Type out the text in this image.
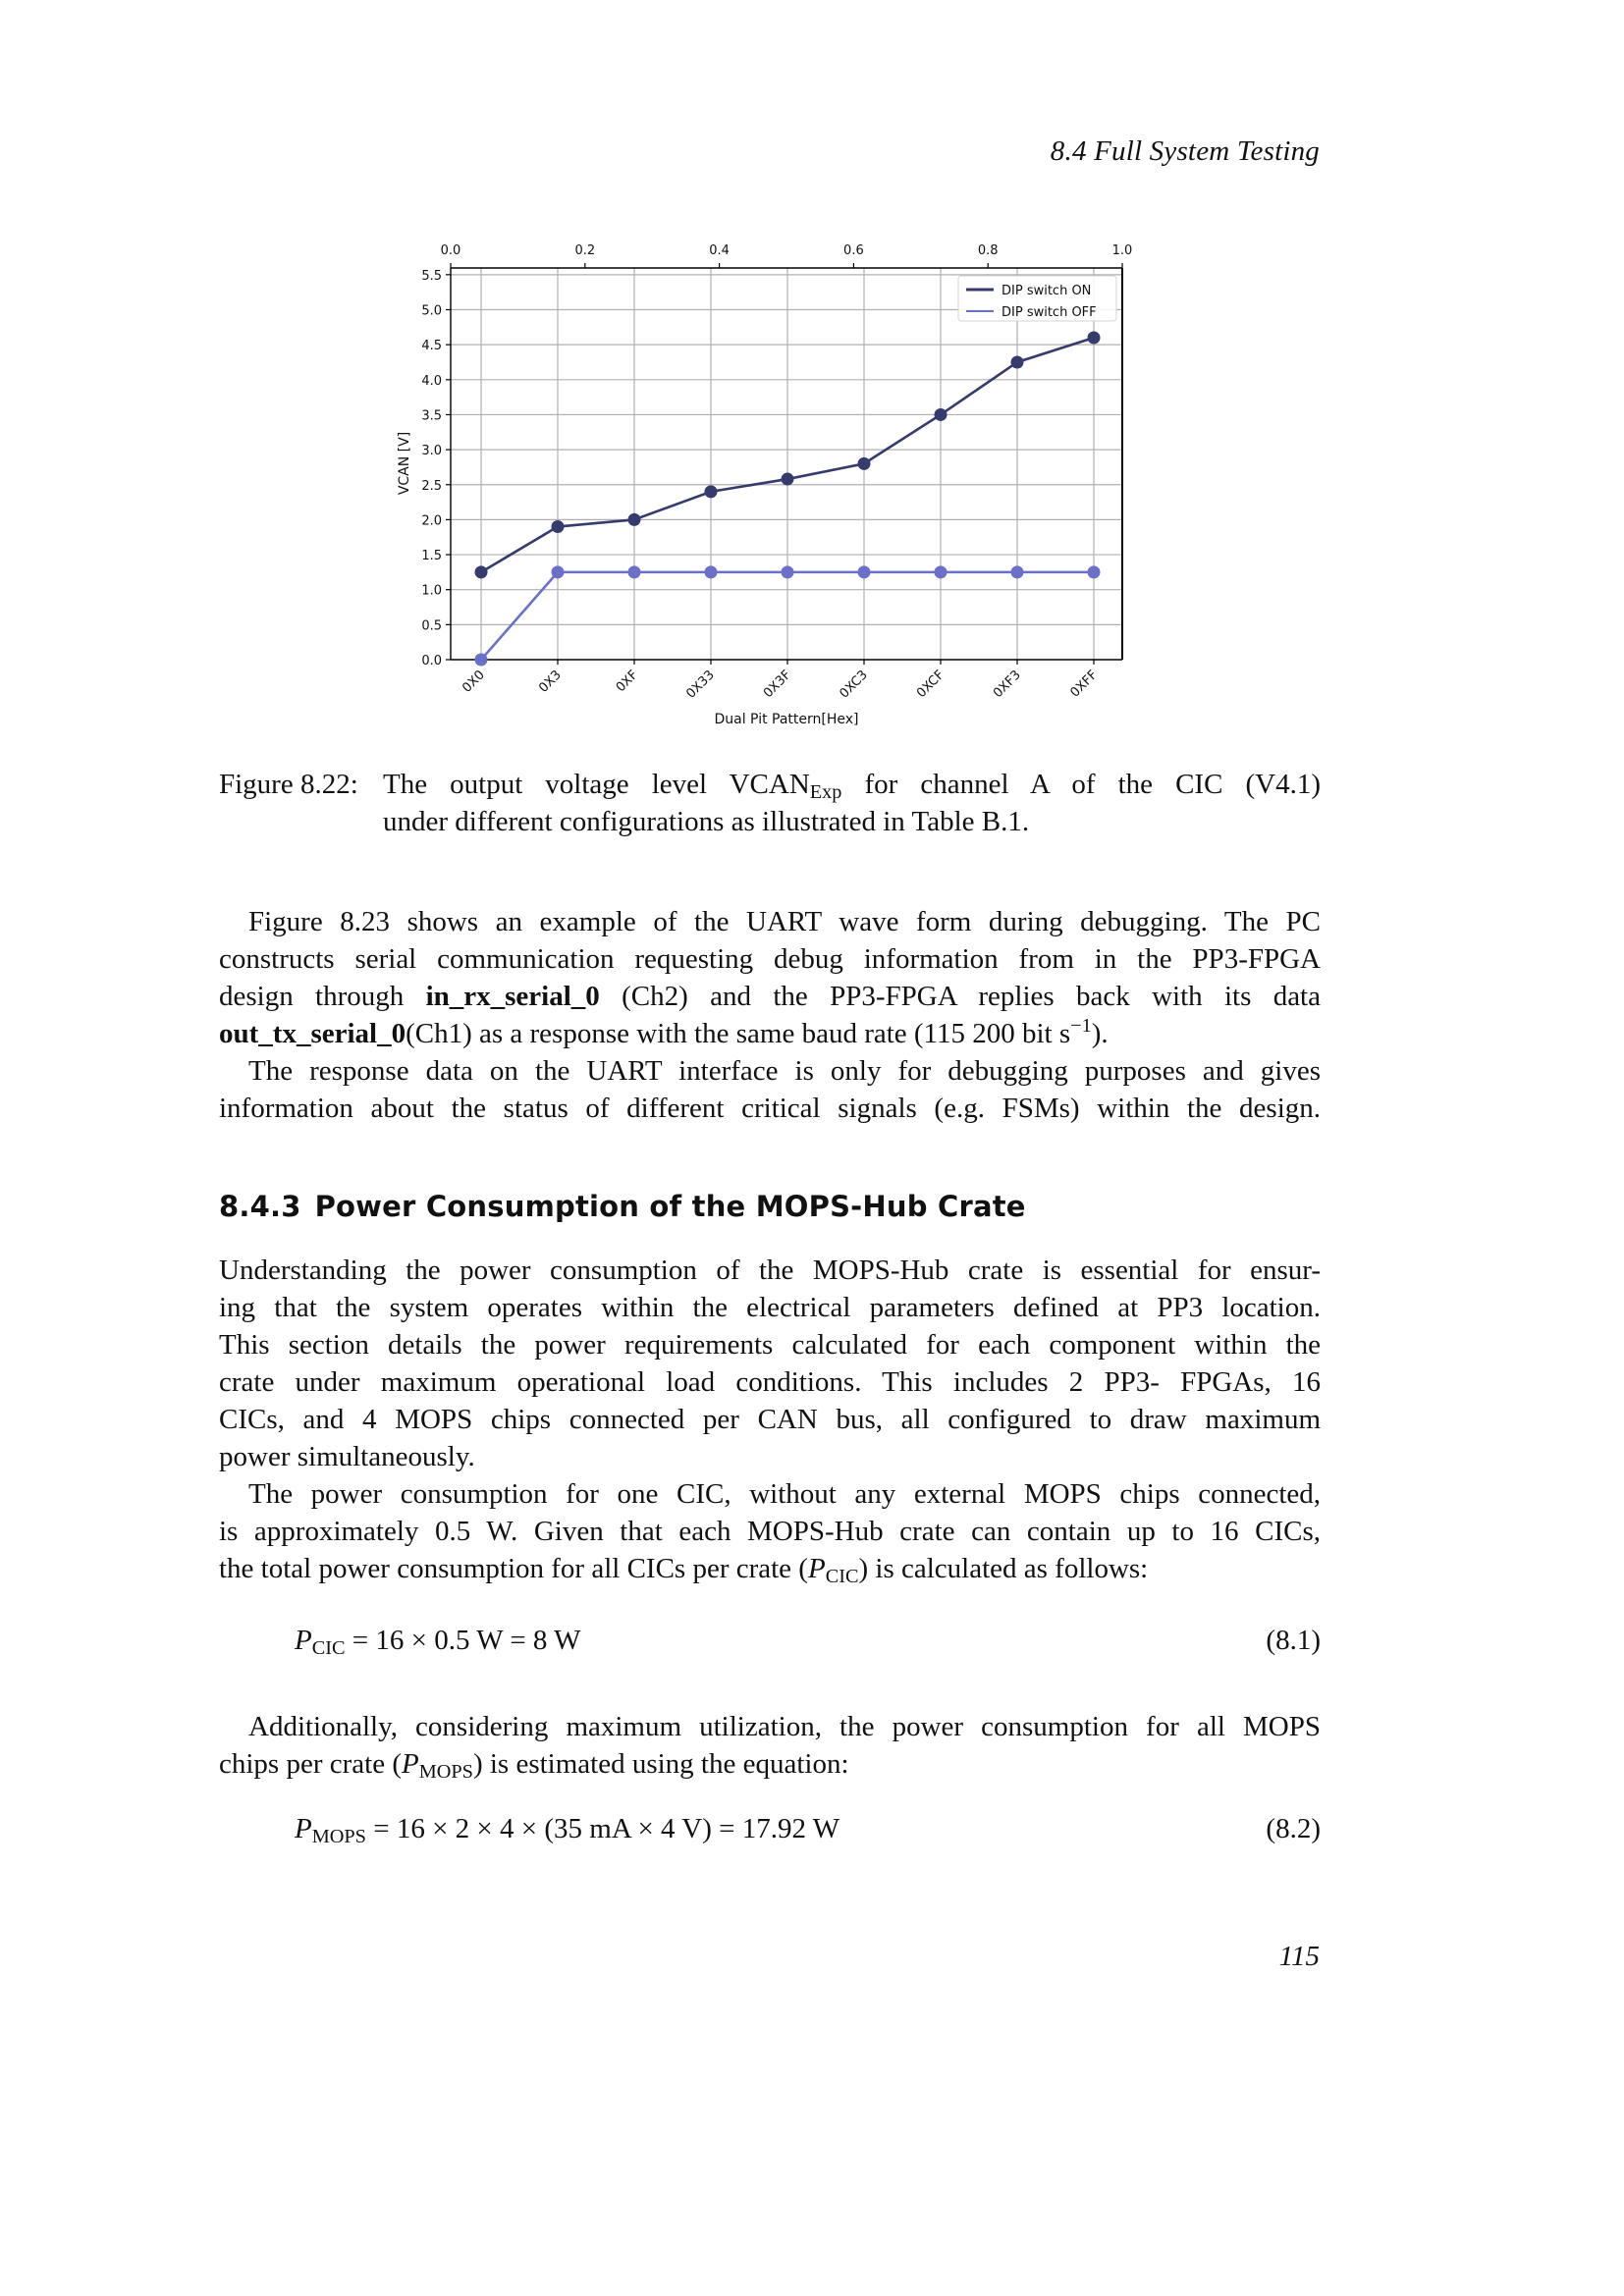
8.4 Full System Testing
0.0
0.5
1.0
1.5
2.0
2.5
3.0
3.5
4.0
4.5
5.0
5.5
0X0	0X3	0XF	0X33	0X3F	0XC3	0XCF	0XF3	0XFF
0.0	0.2	0.4	0.6	0.8	1.0
DIP switch ON
DIP switch OFF
VCAN [V]
Dual Pit Pattern[Hex]
Figure 8.22: The output voltage level $VCAN_{Exp}$ for channel A of the CIC (V4.1)
under different configurations as illustrated in Table B.1.
Figure 8.23 shows an example of the UART wave form during debugging. The PC
constructs serial communication requesting debug information from in the PP3-FPGA
design through in_rx_serial_0 (Ch2) and the PP3-FPGA replies back with its data
out_tx_serial_0(Ch1) as a response with the same baud rate (115 200 bit $s^{-1}$).
The response data on the UART interface is only for debugging purposes and gives
information about the status of different critical signals (e.g. FSMs) within the design.
8.4.3 Power Consumption of the MOPS-Hub Crate
Understanding the power consumption of the MOPS-Hub crate is essential for ensur-
ing that the system operates within the electrical parameters defined at PP3 location.
This section details the power requirements calculated for each component within the
crate under maximum operational load conditions. This includes 2 PP3- FPGAs, 16
CICs, and 4 MOPS chips connected per CAN bus, all configured to draw maximum
power simultaneously.
The power consumption for one CIC, without any external MOPS chips connected,
is approximately 0.5 W. Given that each MOPS-Hub crate can contain up to 16 CICs,
the total power consumption for all CICs per crate $(P_{CIC})$ is calculated as follows:
$P_{CIC} = 16 \times 0.5$ W = 8 W	(8.1)
Additionally, considering maximum utilization, the power consumption for all MOPS
chips per crate $(P_{MOPS})$ is estimated using the equation:
$P_{MOPS} = 16 \times 2 \times 4 \times (35$ mA × 4 V) = 17.92 W	(8.2)
115
